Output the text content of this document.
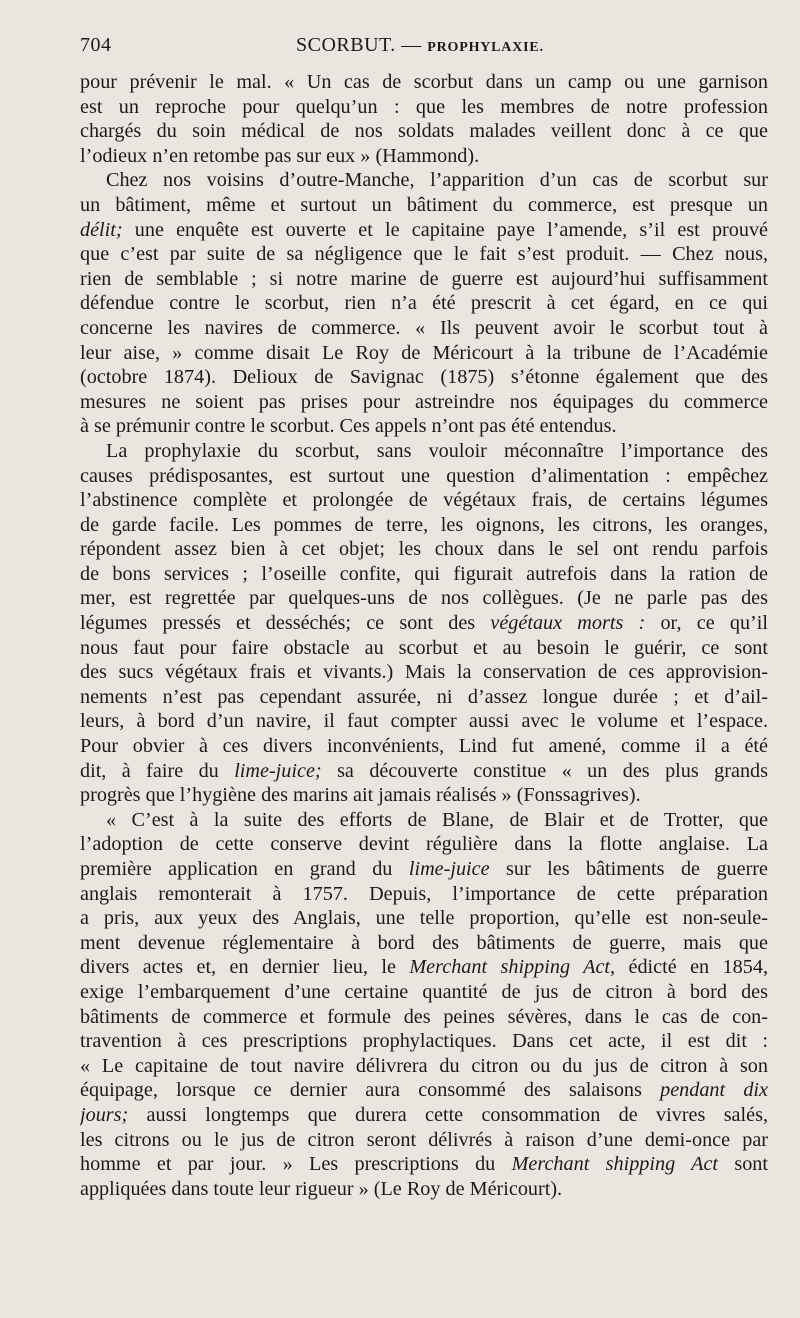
704	SCORBUT. — PROPHYLAXIE.
pour prévenir le mal. « Un cas de scorbut dans un camp ou une garnison
est un reproche pour quelqu’un : que les membres de notre profession
chargés du soin médical de nos soldats malades veillent donc à ce que
l’odieux n’en retombe pas sur eux » (Hammond).
Chez nos voisins d’outre-Manche, l’apparition d’un cas de scorbut sur
un bâtiment, même et surtout un bâtiment du commerce, est presque un
délit; une enquête est ouverte et le capitaine paye l’amende, s’il est prouvé
que c’est par suite de sa négligence que le fait s’est produit. — Chez nous,
rien de semblable ; si notre marine de guerre est aujourd’hui suffisamment
défendue contre le scorbut, rien n’a été prescrit à cet égard, en ce qui
concerne les navires de commerce. « Ils peuvent avoir le scorbut tout à
leur aise, » comme disait Le Roy de Méricourt à la tribune de l’Académie
(octobre 1874). Delioux de Savignac (1875) s’étonne également que des
mesures ne soient pas prises pour astreindre nos équipages du commerce
à se prémunir contre le scorbut. Ces appels n’ont pas été entendus.
La prophylaxie du scorbut, sans vouloir méconnaître l’importance des
causes prédisposantes, est surtout une question d’alimentation : empêchez
l’abstinence complète et prolongée de végétaux frais, de certains légumes
de garde facile. Les pommes de terre, les oignons, les citrons, les oranges,
répondent assez bien à cet objet; les choux dans le sel ont rendu parfois
de bons services ; l’oseille confite, qui figurait autrefois dans la ration de
mer, est regrettée par quelques-uns de nos collègues. (Je ne parle pas des
légumes pressés et desséchés; ce sont des végétaux morts : or, ce qu’il
nous faut pour faire obstacle au scorbut et au besoin le guérir, ce sont
des sucs végétaux frais et vivants.) Mais la conservation de ces approvision-
nements n’est pas cependant assurée, ni d’assez longue durée ; et d’ail-
leurs, à bord d’un navire, il faut compter aussi avec le volume et l’espace.
Pour obvier à ces divers inconvénients, Lind fut amené, comme il a été
dit, à faire du lime-juice; sa découverte constitue « un des plus grands
progrès que l’hygiène des marins ait jamais réalisés » (Fonssagrives).
« C’est à la suite des efforts de Blane, de Blair et de Trotter, que
l’adoption de cette conserve devint régulière dans la flotte anglaise. La
première application en grand du lime-juice sur les bâtiments de guerre
anglais remonterait à 1757. Depuis, l’importance de cette préparation
a pris, aux yeux des Anglais, une telle proportion, qu’elle est non-seule-
ment devenue réglementaire à bord des bâtiments de guerre, mais que
divers actes et, en dernier lieu, le Merchant shipping Act, édicté en 1854,
exige l’embarquement d’une certaine quantité de jus de citron à bord des
bâtiments de commerce et formule des peines sévères, dans le cas de con-
travention à ces prescriptions prophylactiques. Dans cet acte, il est dit :
« Le capitaine de tout navire délivrera du citron ou du jus de citron à son
équipage, lorsque ce dernier aura consommé des salaisons pendant dix
jours; aussi longtemps que durera cette consommation de vivres salés,
les citrons ou le jus de citron seront délivrés à raison d’une demi-once par
homme et par jour. » Les prescriptions du Merchant shipping Act sont
appliquées dans toute leur rigueur » (Le Roy de Méricourt).
